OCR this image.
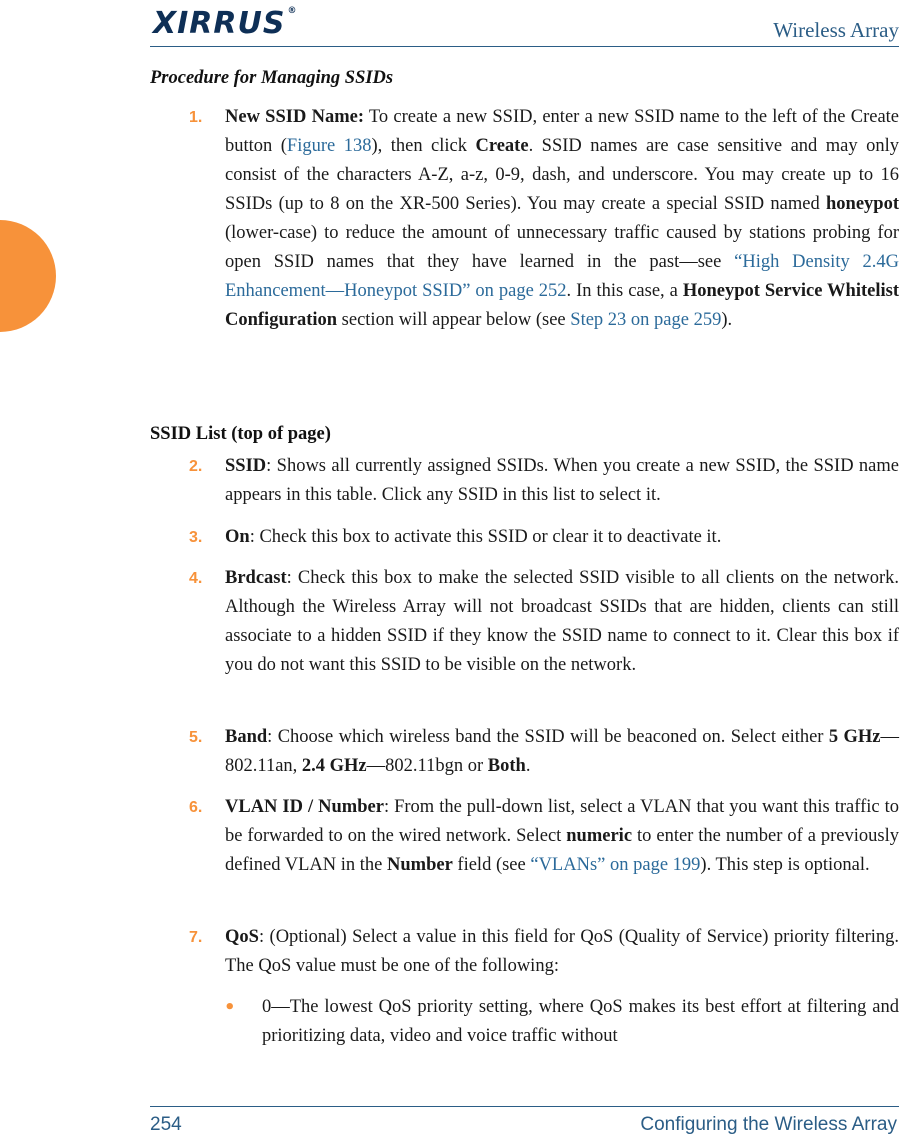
XIRRUS ®
Wireless Array
Procedure for Managing SSIDs

1. New SSID Name: To create a new SSID, enter a new SSID name to the left of the Create button (Figure 138), then click Create. SSID names are case sensitive and may only consist of the characters A-Z, a-z, 0-9, dash, and underscore. You may create up to 16 SSIDs (up to 8 on the XR-500 Series). You may create a special SSID named honeypot (lower-case) to reduce the amount of unnecessary traffic caused by stations probing for open SSID names that they have learned in the past—see “High Density 2.4G Enhancement—Honeypot SSID” on page 252. In this case, a Honeypot Service Whitelist Configuration section will appear below (see Step 23 on page 259).

SSID List (top of page)

2. SSID: Shows all currently assigned SSIDs. When you create a new SSID, the SSID name appears in this table. Click any SSID in this list to select it.

3. On: Check this box to activate this SSID or clear it to deactivate it.

4. Brdcast: Check this box to make the selected SSID visible to all clients on the network. Although the Wireless Array will not broadcast SSIDs that are hidden, clients can still associate to a hidden SSID if they know the SSID name to connect to it. Clear this box if you do not want this SSID to be visible on the network.

5. Band: Choose which wireless band the SSID will be beaconed on. Select either 5 GHz—802.11an, 2.4 GHz—802.11bgn or Both.

6. VLAN ID / Number: From the pull-down list, select a VLAN that you want this traffic to be forwarded to on the wired network. Select numeric to enter the number of a previously defined VLAN in the Number field (see “VLANs” on page 199). This step is optional.

7. QoS: (Optional) Select a value in this field for QoS (Quality of Service) priority filtering. The QoS value must be one of the following:

• 0—The lowest QoS priority setting, where QoS makes its best effort at filtering and prioritizing data, video and voice traffic without

254	Configuring the Wireless Array
